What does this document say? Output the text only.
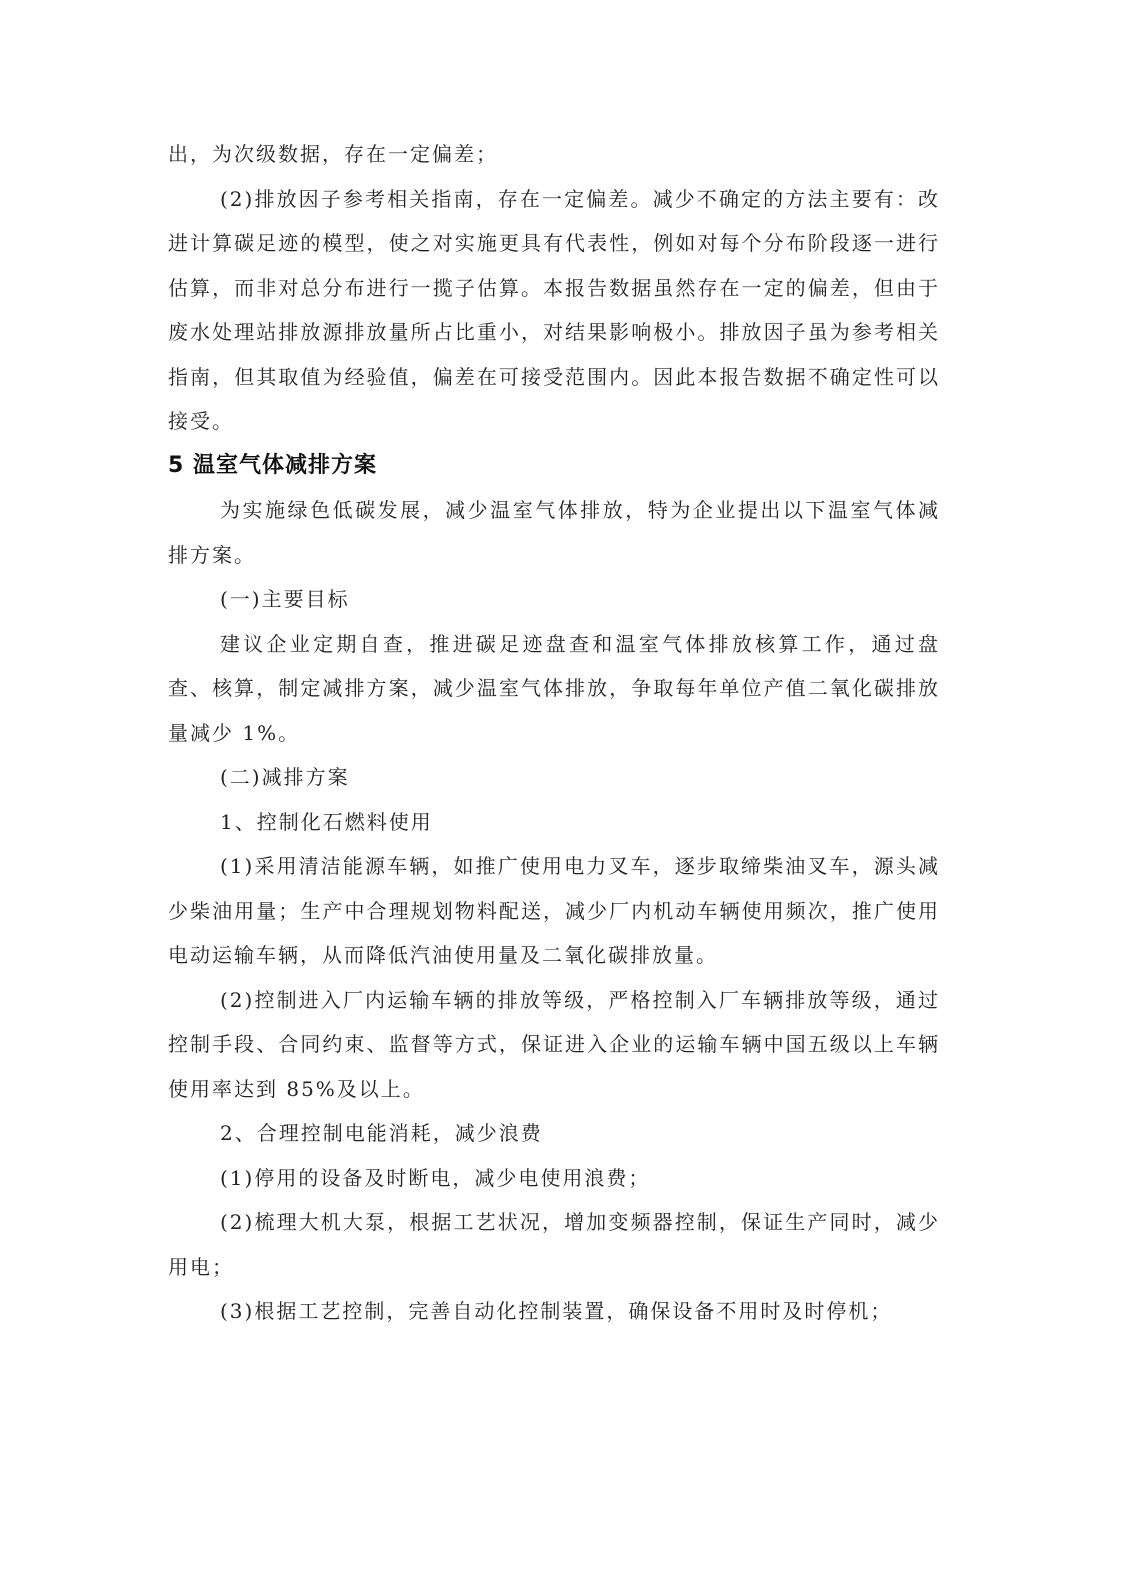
出，为次级数据，存在一定偏差；

(2)排放因子参考相关指南，存在一定偏差。减少不确定的方法主要有：改进计算碳足迹的模型，使之对实施更具有代表性，例如对每个分布阶段逐一进行估算，而非对总分布进行一揽子估算。本报告数据虽然存在一定的偏差，但由于废水处理站排放源排放量所占比重小，对结果影响极小。排放因子虽为参考相关指南，但其取值为经验值，偏差在可接受范围内。因此本报告数据不确定性可以接受。

5 温室气体减排方案

为实施绿色低碳发展，减少温室气体排放，特为企业提出以下温室气体减排方案。

(一)主要目标

建议企业定期自查，推进碳足迹盘查和温室气体排放核算工作，通过盘查、核算，制定减排方案，减少温室气体排放，争取每年单位产值二氧化碳排放量减少 1%。

(二)减排方案

1、控制化石燃料使用

(1)采用清洁能源车辆，如推广使用电力叉车，逐步取缔柴油叉车，源头减少柴油用量；生产中合理规划物料配送，减少厂内机动车辆使用频次，推广使用电动运输车辆，从而降低汽油使用量及二氧化碳排放量。

(2)控制进入厂内运输车辆的排放等级，严格控制入厂车辆排放等级，通过控制手段、合同约束、监督等方式，保证进入企业的运输车辆中国五级以上车辆使用率达到 85%及以上。

2、合理控制电能消耗，减少浪费

(1)停用的设备及时断电，减少电使用浪费；

(2)梳理大机大泵，根据工艺状况，增加变频器控制，保证生产同时，减少用电；

(3)根据工艺控制，完善自动化控制装置，确保设备不用时及时停机；
